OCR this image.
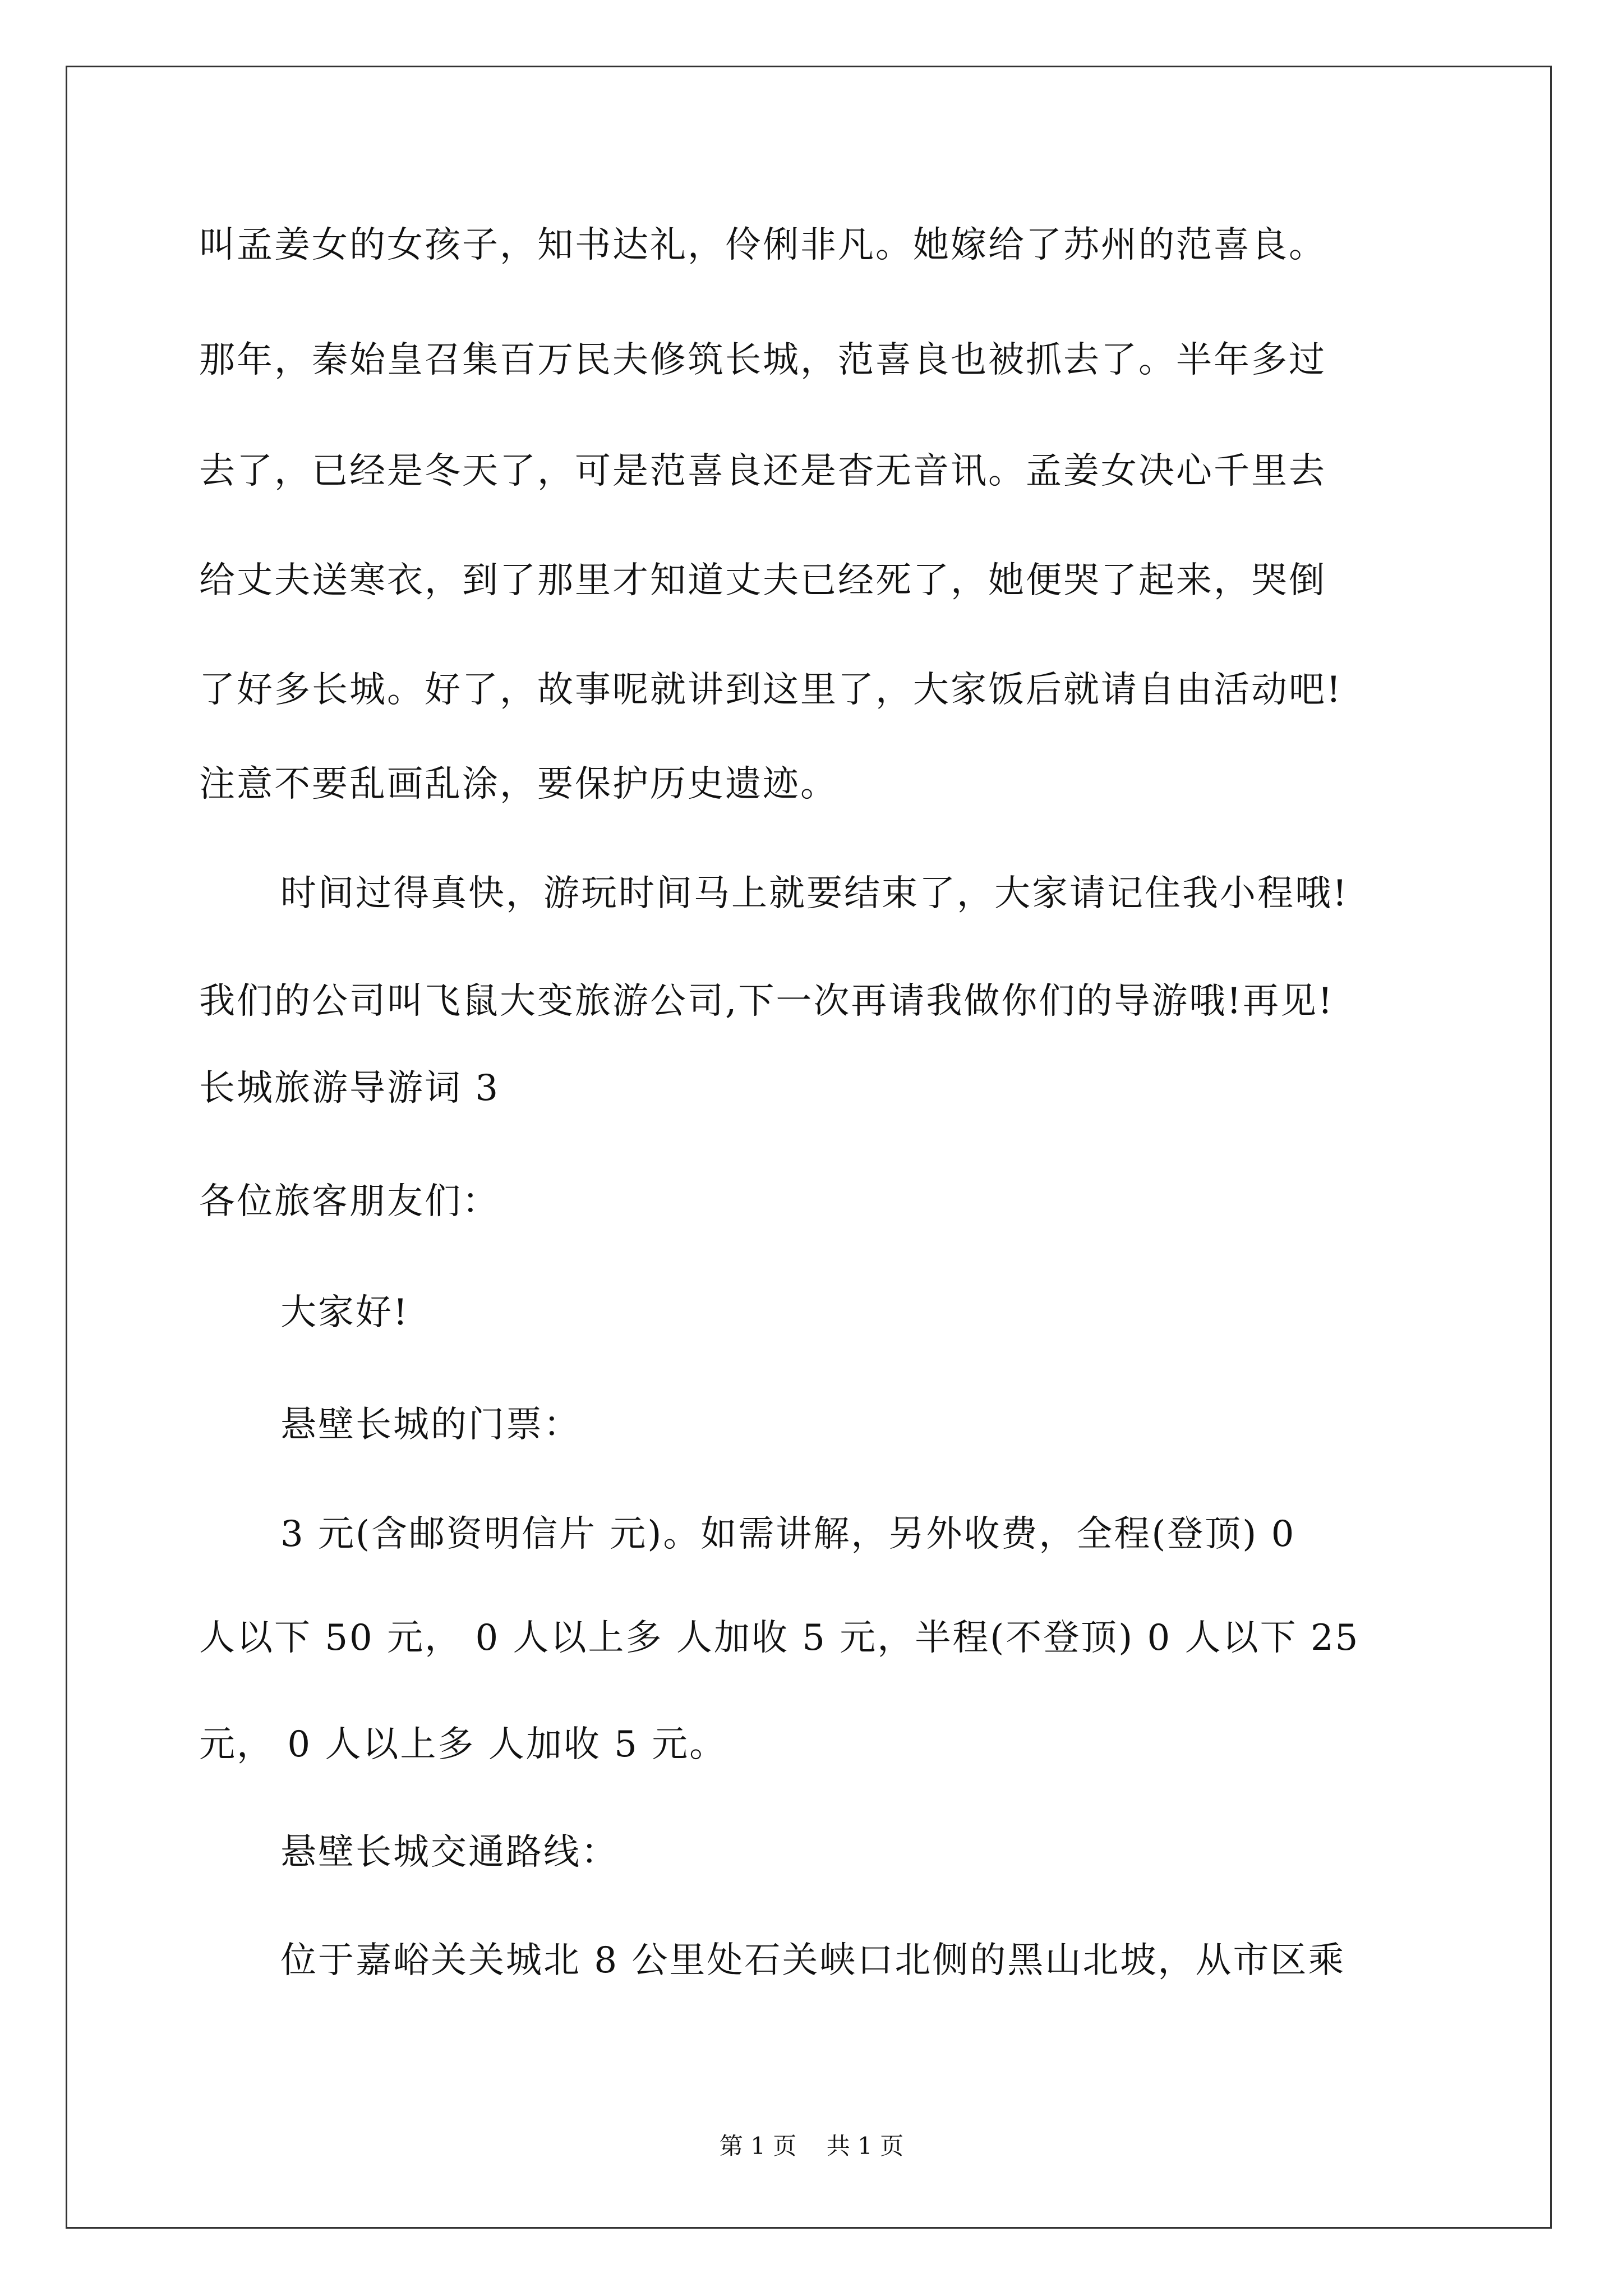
叫孟姜女的女孩子，知书达礼，伶俐非凡。她嫁给了苏州的范喜良。
那年，秦始皇召集百万民夫修筑长城，范喜良也被抓去了。半年多过
去了，已经是冬天了，可是范喜良还是杳无音讯。孟姜女决心千里去
给丈夫送寒衣，到了那里才知道丈夫已经死了，她便哭了起来，哭倒
了好多长城。好了，故事呢就讲到这里了，大家饭后就请自由活动吧!
注意不要乱画乱涂，要保护历史遗迹。
时间过得真快，游玩时间马上就要结束了，大家请记住我小程哦!
我们的公司叫飞鼠大变旅游公司,下一次再请我做你们的导游哦!再见!
长城旅游导游词 3
各位旅客朋友们：
大家好!
悬壁长城的门票：
3 元(含邮资明信片 元)。如需讲解，另外收费，全程(登顶) 0
人以下 50 元， 0 人以上多 人加收 5 元，半程(不登顶) 0 人以下 25
元， 0 人以上多 人加收 5 元。
悬壁长城交通路线：
位于嘉峪关关城北 8 公里处石关峡口北侧的黑山北坡，从市区乘
第 1 页    共 1 页
